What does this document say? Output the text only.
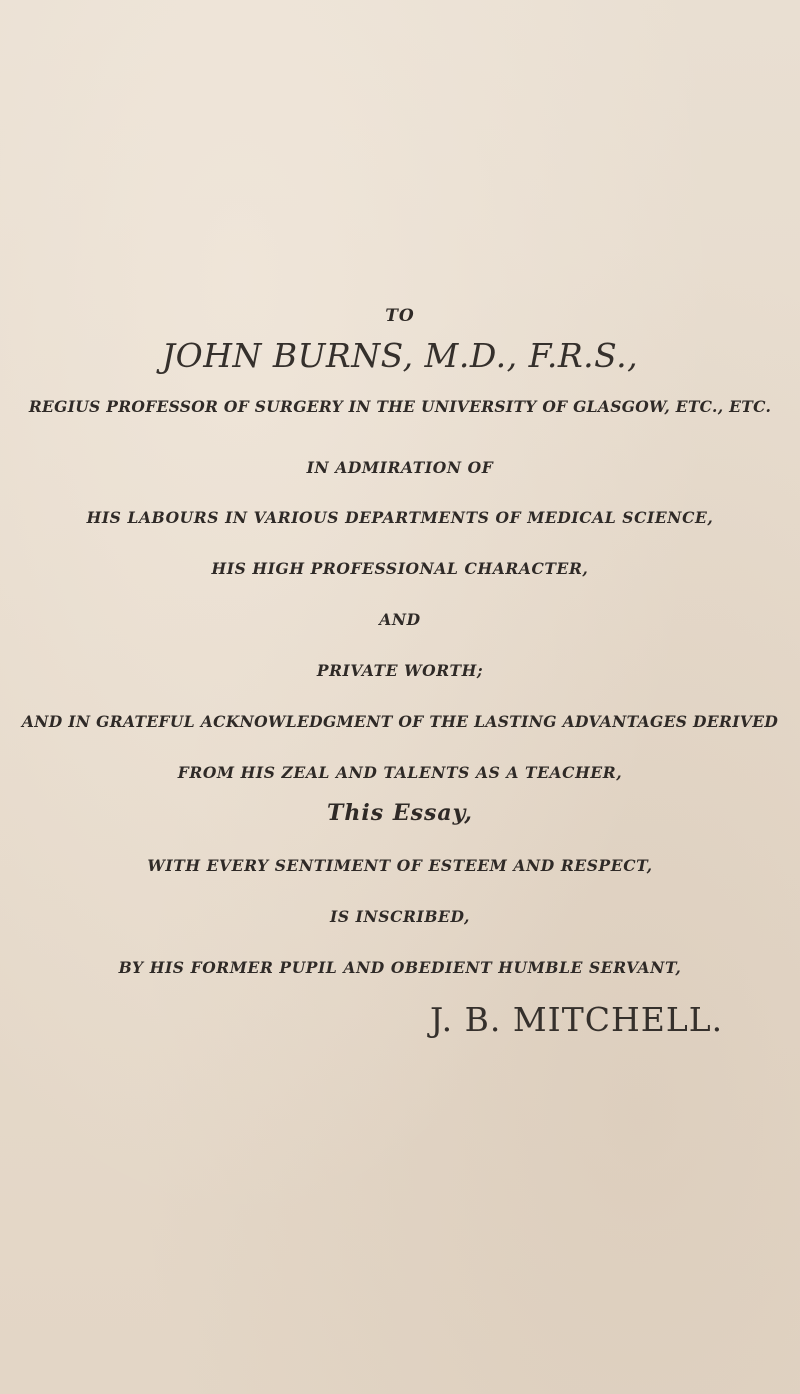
TO
JOHN BURNS, M.D., F.R.S.,
REGIUS PROFESSOR OF SURGERY IN THE UNIVERSITY OF GLASGOW, ETC., ETC.
IN ADMIRATION OF
HIS LABOURS IN VARIOUS DEPARTMENTS OF MEDICAL SCIENCE,
HIS HIGH PROFESSIONAL CHARACTER,
AND
PRIVATE WORTH;
AND IN GRATEFUL ACKNOWLEDGMENT OF THE LASTING ADVANTAGES DERIVED
FROM HIS ZEAL AND TALENTS AS A TEACHER,
This Essay,
WITH EVERY SENTIMENT OF ESTEEM AND RESPECT,
IS INSCRIBED,
BY HIS FORMER PUPIL AND OBEDIENT HUMBLE SERVANT,
J. B. MITCHELL.
